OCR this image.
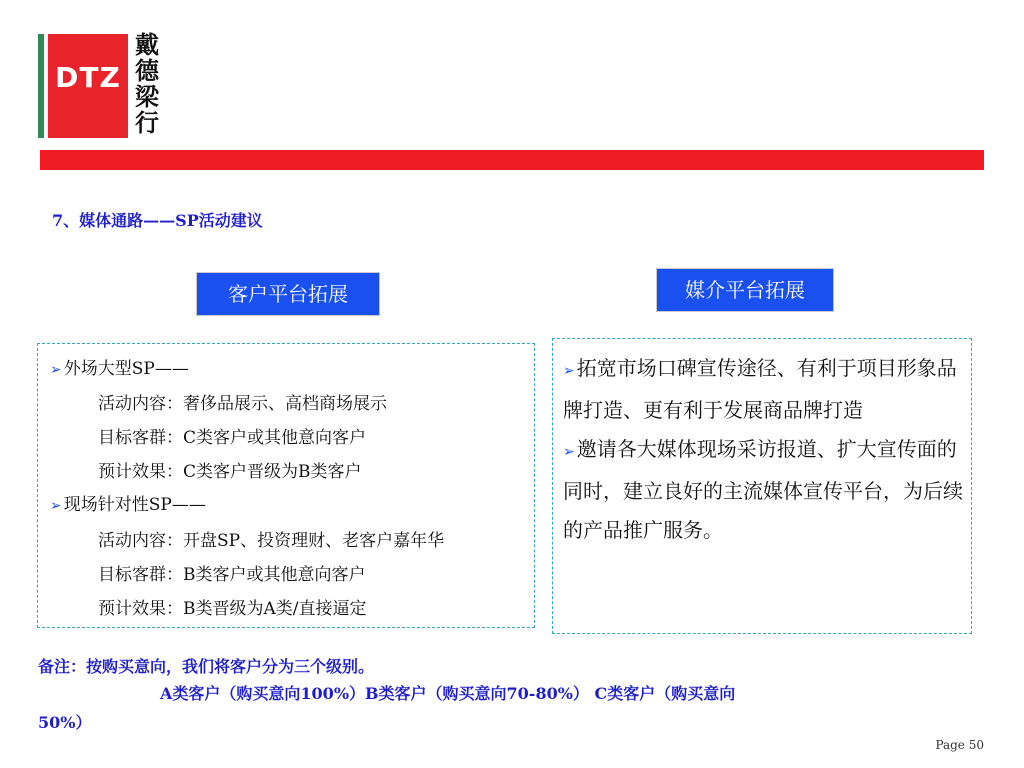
DTZ
戴
德
梁
行
7、媒体通路——SP活动建议
客户平台拓展	媒介平台拓展
➢ 外场大型SP——
活动内容：奢侈品展示、高档商场展示
目标客群：C类客户或其他意向客户
预计效果：C类客户晋级为B类客户
➢ 现场针对性SP——
活动内容：开盘SP、投资理财、老客户嘉年华
目标客群：B类客户或其他意向客户
预计效果：B类晋级为A类/直接逼定
➢ 拓宽市场口碑宣传途径、有利于项目形象品牌打造、更有利于发展商品牌打造
➢ 邀请各大媒体现场采访报道、扩大宣传面的同时，建立良好的主流媒体宣传平台，为后续的产品推广服务。
备注：按购买意向，我们将客户分为三个级别。
A类客户（购买意向100%）B类客户（购买意向70-80%） C类客户（购买意向
50%）
Page 50
